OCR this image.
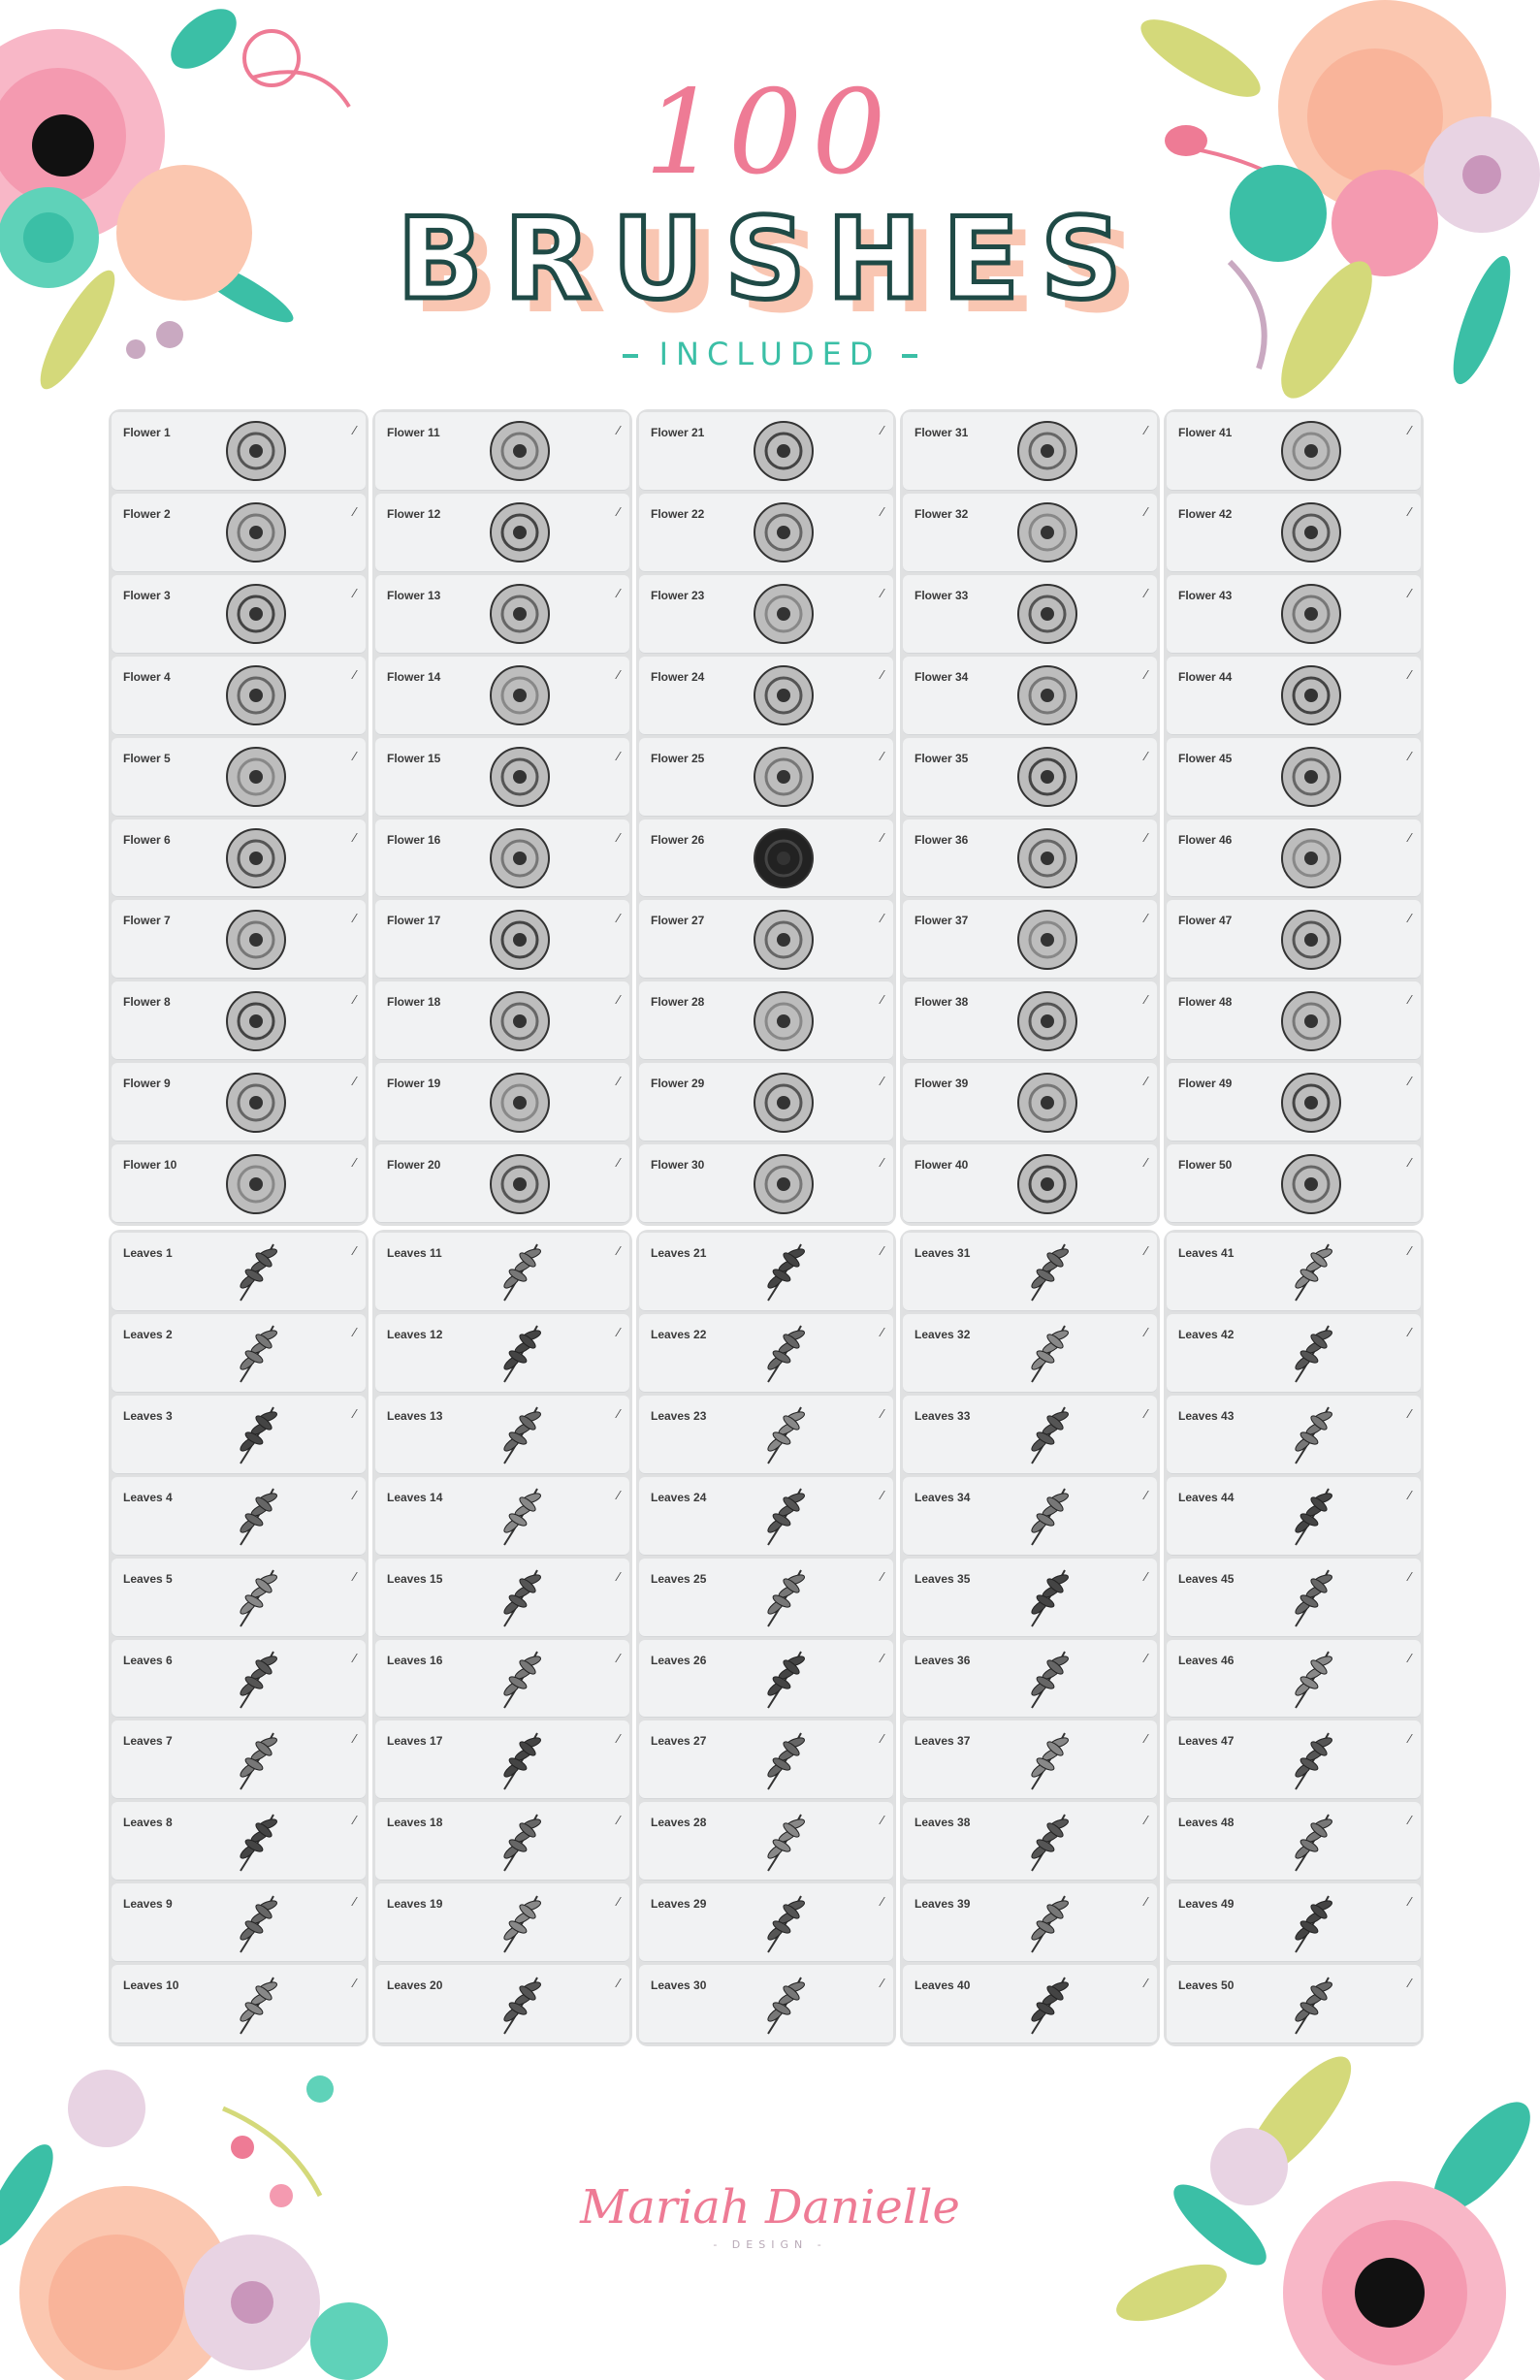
100
BRUSHES
INCLUDED
Flower 1	∕
Flower 2	∕
Flower 3	∕
Flower 4	∕
Flower 5	∕
Flower 6	∕
Flower 7	∕
Flower 8	∕
Flower 9	∕
Flower 10	∕
Flower 11	∕
Flower 12	∕
Flower 13	∕
Flower 14	∕
Flower 15	∕
Flower 16	∕
Flower 17	∕
Flower 18	∕
Flower 19	∕
Flower 20	∕
Flower 21	∕
Flower 22	∕
Flower 23	∕
Flower 24	∕
Flower 25	∕
Flower 26	∕
Flower 27	∕
Flower 28	∕
Flower 29	∕
Flower 30	∕
Flower 31	∕
Flower 32	∕
Flower 33	∕
Flower 34	∕
Flower 35	∕
Flower 36	∕
Flower 37	∕
Flower 38	∕
Flower 39	∕
Flower 40	∕
Flower 41	∕
Flower 42	∕
Flower 43	∕
Flower 44	∕
Flower 45	∕
Flower 46	∕
Flower 47	∕
Flower 48	∕
Flower 49	∕
Flower 50	∕
Leaves 1	∕
Leaves 2	∕
Leaves 3	∕
Leaves 4	∕
Leaves 5	∕
Leaves 6	∕
Leaves 7	∕
Leaves 8	∕
Leaves 9	∕
Leaves 10	∕
Leaves 11	∕
Leaves 12	∕
Leaves 13	∕
Leaves 14	∕
Leaves 15	∕
Leaves 16	∕
Leaves 17	∕
Leaves 18	∕
Leaves 19	∕
Leaves 20	∕
Leaves 21	∕
Leaves 22	∕
Leaves 23	∕
Leaves 24	∕
Leaves 25	∕
Leaves 26	∕
Leaves 27	∕
Leaves 28	∕
Leaves 29	∕
Leaves 30	∕
Leaves 31	∕
Leaves 32	∕
Leaves 33	∕
Leaves 34	∕
Leaves 35	∕
Leaves 36	∕
Leaves 37	∕
Leaves 38	∕
Leaves 39	∕
Leaves 40	∕
Leaves 41	∕
Leaves 42	∕
Leaves 43	∕
Leaves 44	∕
Leaves 45	∕
Leaves 46	∕
Leaves 47	∕
Leaves 48	∕
Leaves 49	∕
Leaves 50	∕
Mariah Danielle
- DESIGN -
